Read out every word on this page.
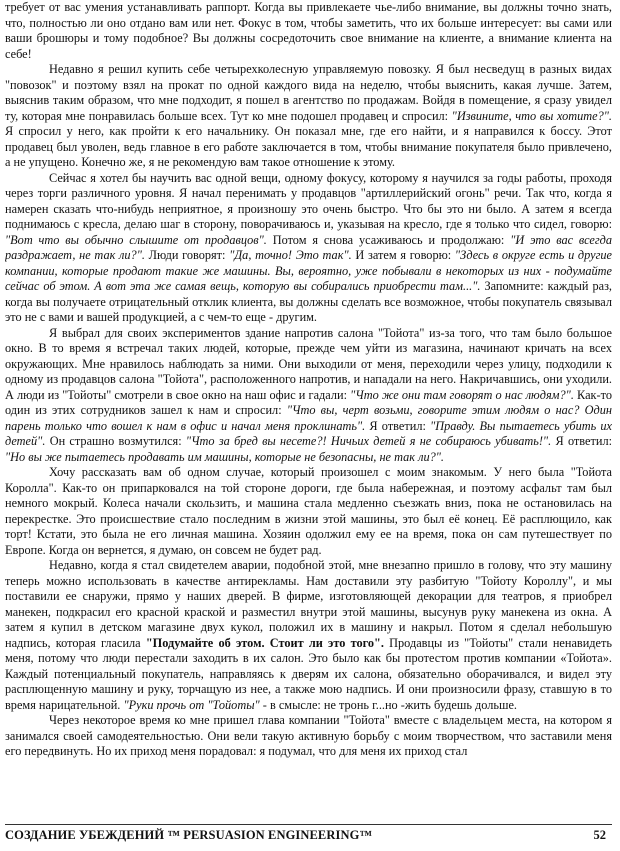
требует от вас умения устанавливать раппорт. Когда вы привлекаете чье-либо внимание, вы должны точно знать, что, полностью ли оно отдано вам или нет. Фокус в том, чтобы заметить, что их больше интересует: вы сами или ваши брошюры и тому подобное? Вы должны сосредоточить свое внимание на клиенте, а внимание клиента на себе!

Недавно я решил купить себе четырехколесную управляемую повозку. Я был несведущ в разных видах "повозок" и поэтому взял на прокат по одной каждого вида на неделю, чтобы выяснить, какая лучше. Затем, выяснив таким образом, что мне подходит, я пошел в агентство по продажам. Войдя в помещение, я сразу увидел ту, которая мне понравилась больше всех. Тут ко мне подошел продавец и спросил: "Извините, что вы хотите?". Я спросил у него, как пройти к его начальнику. Он показал мне, где его найти, и я направился к боссу. Этот продавец был уволен, ведь главное в его работе заключается в том, чтобы внимание покупателя было привлечено, а не упущено. Конечно же, я не рекомендую вам такое отношение к этому.

Сейчас я хотел бы научить вас одной вещи, одному фокусу, которому я научился за годы работы, проходя через торги различного уровня. Я начал перенимать у продавцов "артиллерийский огонь" речи. Так что, когда я намерен сказать что-нибудь неприятное, я произношу это очень быстро. Что бы это ни было. А затем я всегда поднимаюсь с кресла, делаю шаг в сторону, поворачиваюсь и, указывая на кресло, где я только что сидел, говорю: "Вот что вы обычно слышите от продавцов". Потом я снова усаживаюсь и продолжаю: "И это вас всегда раздражает, не так ли?". Люди говорят: "Да, точно! Это так". И затем я говорю: "Здесь в округе есть и другие компании, которые продают такие же машины. Вы, вероятно, уже побывали в некоторых из них - подумайте сейчас об этом. А вот эта же самая вещь, которую вы собирались приобрести там...". Запомните: каждый раз, когда вы получаете отрицательный отклик клиента, вы должны сделать все возможное, чтобы покупатель связывал это не с вами и вашей продукцией, а с чем-то еще - другим.

Я выбрал для своих экспериментов здание напротив салона "Тойота" из-за того, что там было большое окно. В то время я встречал таких людей, которые, прежде чем уйти из магазина, начинают кричать на всех окружающих. Мне нравилось наблюдать за ними. Они выходили от меня, переходили через улицу, подходили к одному из продавцов салона "Тойота", расположенного напротив, и нападали на него. Накричавшись, они уходили. А люди из "Тойоты" смотрели в свое окно на наш офис и гадали: "Что же они там говорят о нас людям?". Как-то один из этих сотрудников зашел к нам и спросил: "Что вы, черт возьми, говорите этим людям о нас? Один парень только что вошел к нам в офис и начал меня проклинать". Я ответил: "Правду. Вы пытаетесь убить их детей". Он страшно возмутился: "Что за бред вы несете?! Ничьих детей я не собираюсь убивать!". Я ответил: "Но вы же пытаетесь продавать им машины, которые не безопасны, не так ли?".

Хочу рассказать вам об одном случае, который произошел с моим знакомым. У него была "Тойота Королла". Как-то он припарковался на той стороне дороги, где была набережная, и поэтому асфальт там был немного мокрый. Колеса начали скользить, и машина стала медленно съезжать вниз, пока не остановилась на перекрестке. Это происшествие стало последним в жизни этой машины, это был её конец. Её расплющило, как торт! Кстати, это была не его личная машина. Хозяин одолжил ему ее на время, пока он сам путешествует по Европе. Когда он вернется, я думаю, он совсем не будет рад.

Недавно, когда я стал свидетелем аварии, подобной этой, мне внезапно пришло в голову, что эту машину теперь можно использовать в качестве антирекламы. Нам доставили эту разбитую "Тойоту Короллу", и мы поставили ее снаружи, прямо у наших дверей. В фирме, изготовляющей декорации для театров, я приобрел манекен, подкрасил его красной краской и разместил внутри этой машины, высунув руку манекена из окна. А затем я купил в детском магазине двух кукол, положил их в машину и накрыл. Потом я сделал небольшую надпись, которая гласила "Подумайте об этом. Стоит ли это того". Продавцы из "Тойоты" стали ненавидеть меня, потому что люди перестали заходить в их салон. Это было как бы протестом против компании «Тойота». Каждый потенциальный покупатель, направляясь к дверям их салона, обязательно оборачивался, и видел эту расплющенную машину и руку, торчащую из нее, а также мою надпись. И они произносили фразу, ставшую в то время нарицательной. "Руки прочь от "Тойоты" - в смысле: не тронь г...но -жить будешь дольше.

Через некоторое время ко мне пришел глава компании "Тойота" вместе с владельцем места, на котором я занимался своей самодеятельностью. Они вели такую активную борьбу с моим творчеством, что заставили меня его передвинуть. Но их приход меня порадовал: я подумал, что для меня их приход стал

СОЗДАНИЕ УБЕЖДЕНИЙ ™ PERSUASION ENGINEERING™	52
